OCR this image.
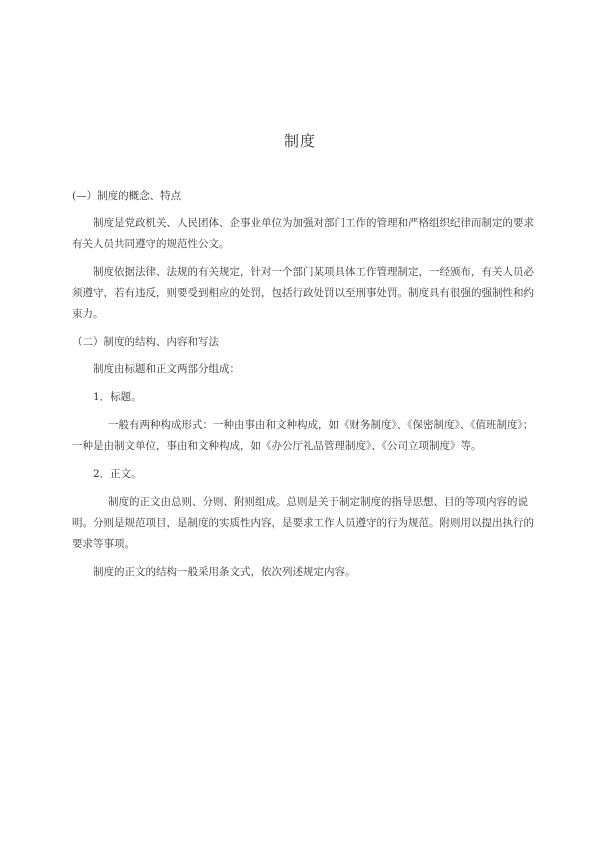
制度

(—）制度的概念、特点

制度是党政机关、人民团体、企事业单位为加强对部门工作的管理和严格组织纪律而制定的要求有关人员共同遵守的规范性公文。

制度依据法律、法规的有关规定，针对一个部门某项具体工作管理制定，一经颁布，有关人员必须遵守，若有违反，则要受到相应的处罚，包括行政处罚以至刑事处罚。制度具有很强的强制性和约束力。

（二）制度的结构、内容和写法

制度由标题和正文两部分组成：

1．标题。

一般有两种构成形式：一种由事由和文种构成，如《财务制度》、《保密制度》、《值班制度》；一种是由制文单位，事由和文种构成，如《办公厅礼品管理制度》、《公司立项制度》等。

2．正文。

制度的正文由总则、分则、附则组成。总则是关于制定制度的指导思想、目的等项内容的说明。分则是规范项目，是制度的实质性内容，是要求工作人员遵守的行为规范。附则用以提出执行的要求等事项。

制度的正文的结构一般采用条文式，依次列述规定内容。
